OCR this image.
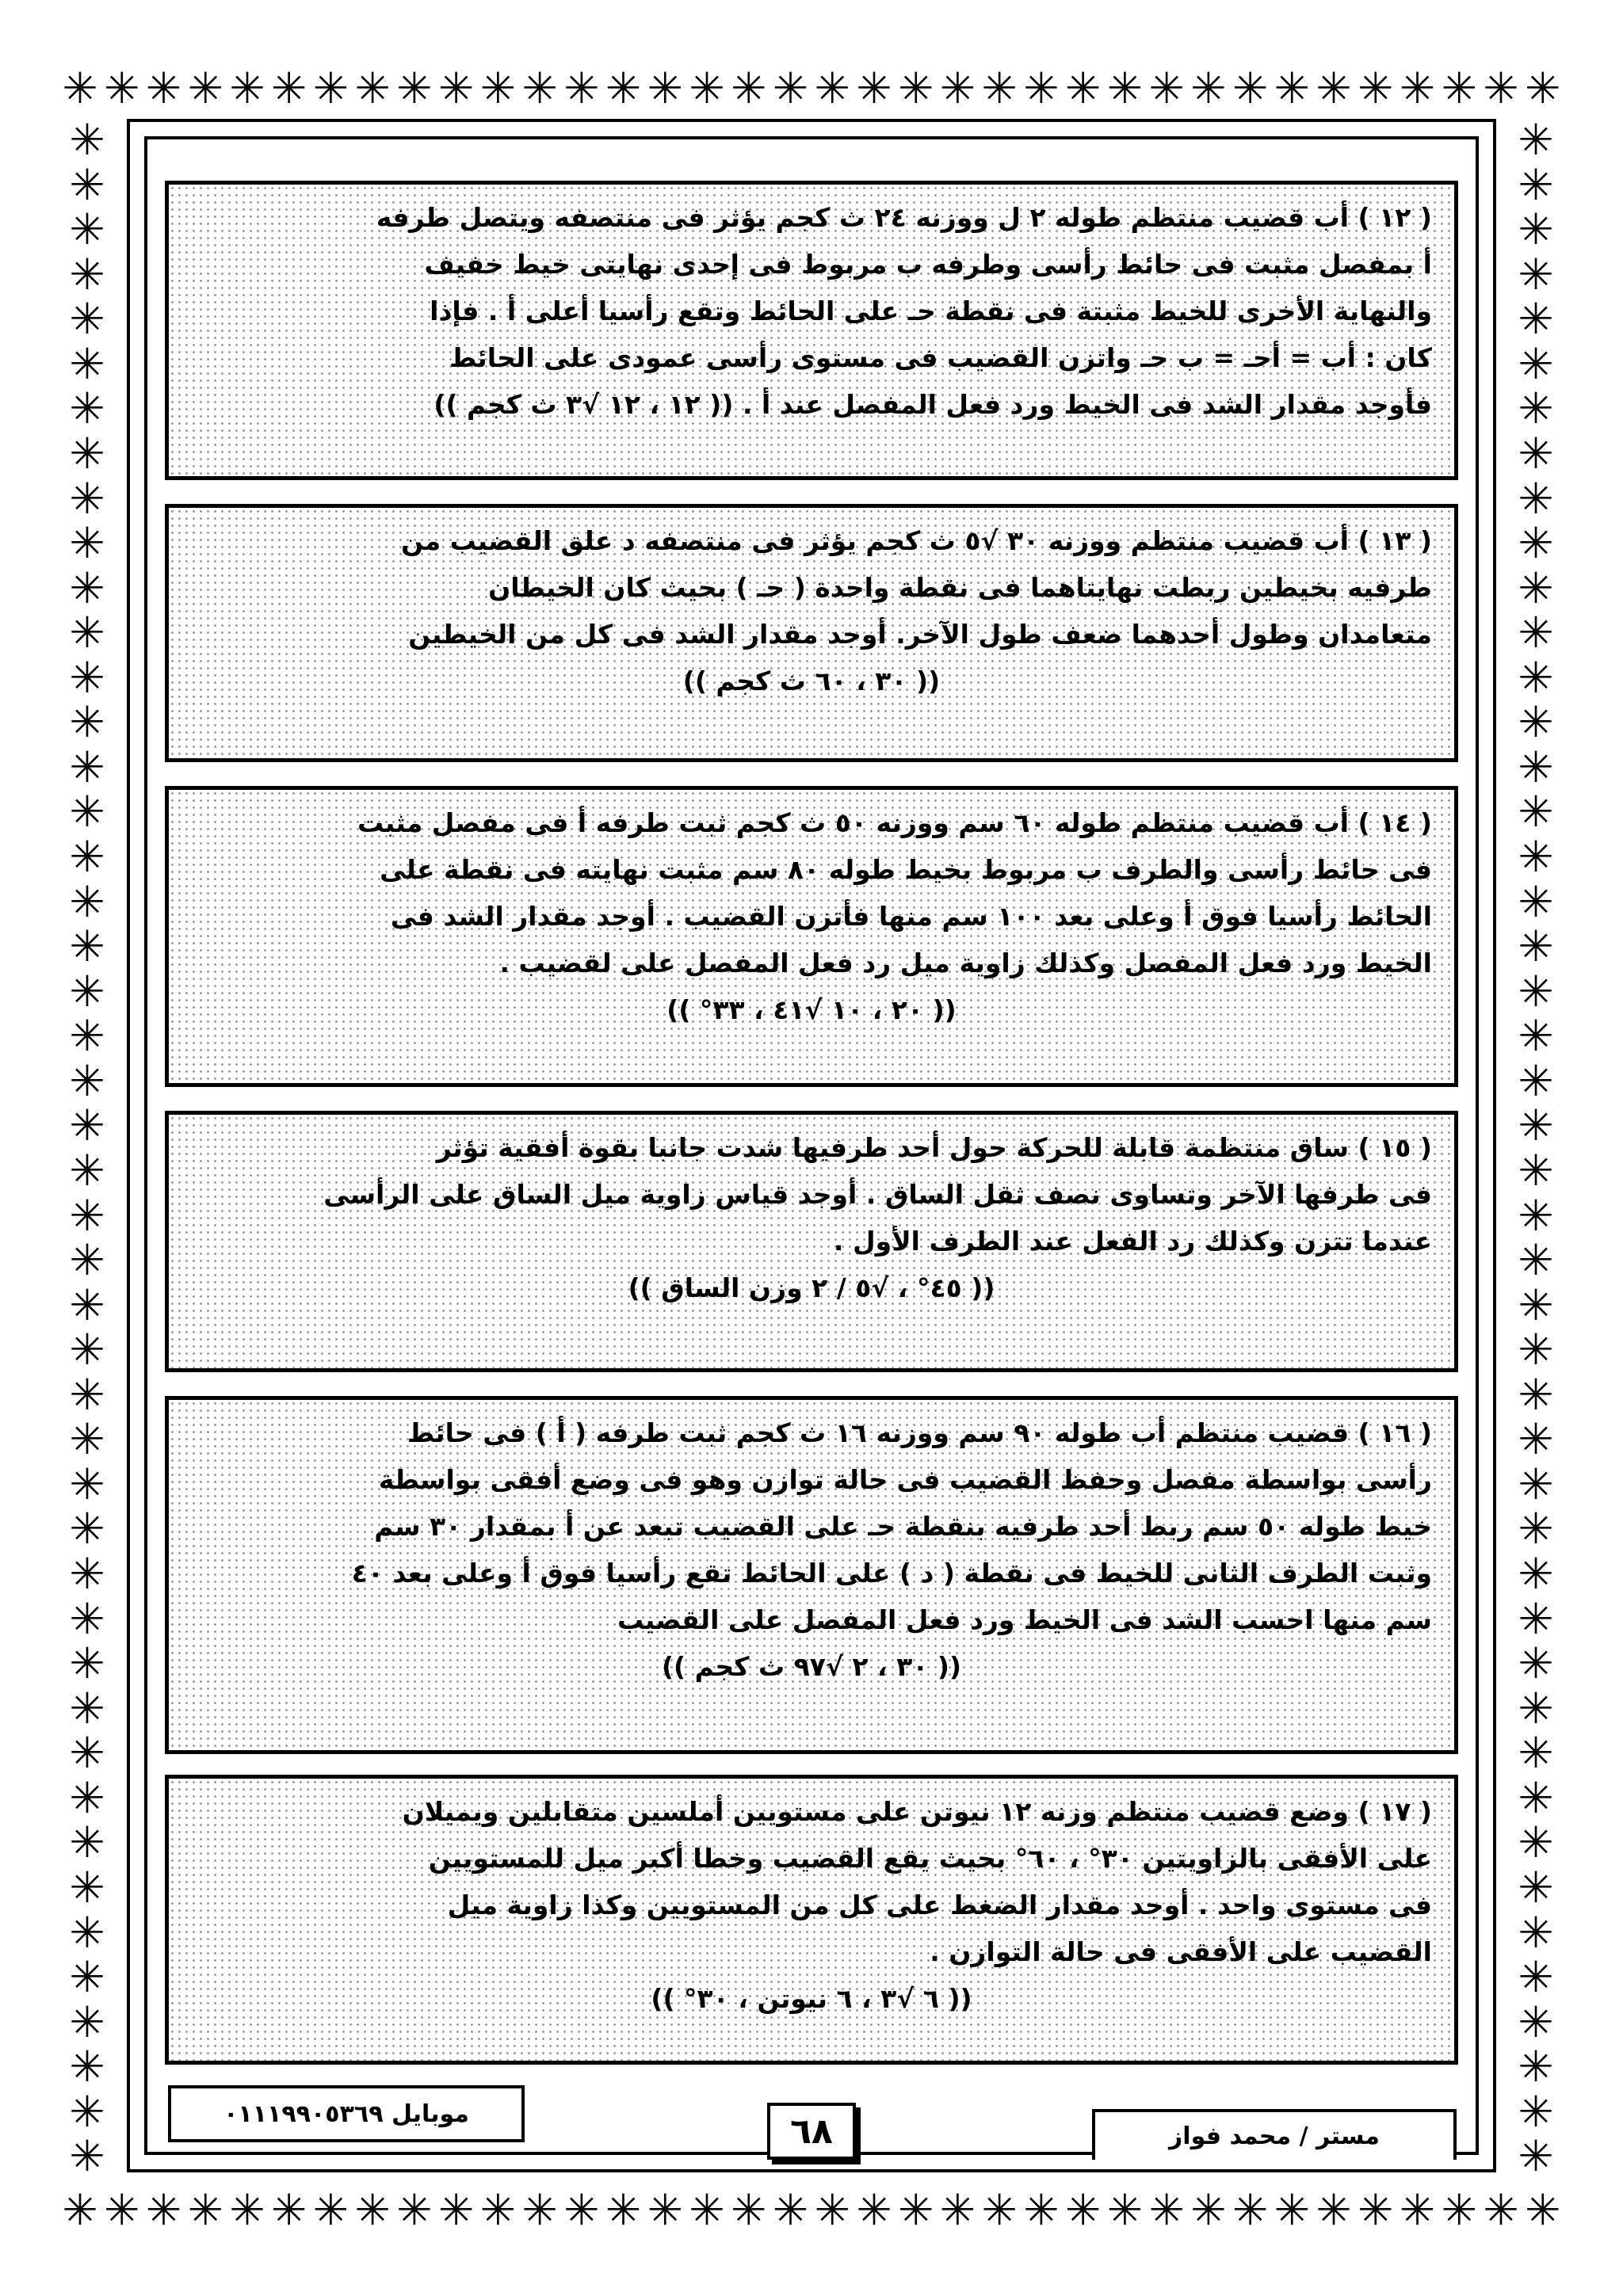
✳ ✳ ✳ ✳ ✳ ✳ ✳ ✳ ✳ ✳ ✳ ✳ ✳ ✳ ✳ ✳ ✳ ✳ ✳ ✳ ✳ ✳ ✳ ✳ ✳ ✳ ✳ ✳ ✳ ✳ ✳ ✳ ✳ ✳ ✳ ✳
✳ ✳ ✳ ✳ ✳ ✳ ✳ ✳ ✳ ✳ ✳ ✳ ✳ ✳ ✳ ✳ ✳ ✳ ✳ ✳ ✳ ✳ ✳ ✳ ✳ ✳ ✳ ✳ ✳ ✳ ✳ ✳ ✳ ✳ ✳ ✳
✳
✳
✳
✳
✳
✳
✳
✳
✳
✳
✳
✳
✳
✳
✳
✳
✳
✳
✳
✳
✳
✳
✳
✳
✳
✳
✳
✳
✳
✳
✳
✳
✳
✳
✳
✳
✳
✳
✳
✳
✳
✳
✳
✳
✳
✳
✳
✳
✳
✳
✳
✳
✳
✳
✳
✳
✳
✳
✳
✳
✳
✳
✳
✳
✳
✳
✳
✳
✳
✳
✳
✳
✳
✳
✳
✳
✳
✳
✳
✳
✳
✳
✳
✳
✳
✳
✳
✳
✳
✳
✳
✳
( ١٢ ) أب قضيب منتظم طوله ٢ ل ووزنه ٢٤ ث كجم يؤثر فى منتصفه ويتصل طرفه
أ بمفصل مثبت فى حائط رأسى وطرفه ب مربوط فى إحدى نهايتى خيط خفيف
والنهاية الأخرى للخيط مثبتة فى نقطة حـ على الحائط وتقع رأسيا أعلى أ . فإذا
كان : أب = أحـ = ب حـ واتزن القضيب فى مستوى رأسى عمودى على الحائط
فأوجد مقدار الشد فى الخيط ورد فعل المفصل عند أ . (( ١٢ ، ١٢ √٣ ث كجم ))
( ١٣ ) أب قضيب منتظم ووزنه ٣٠ √٥ ث كجم يؤثر فى منتصفه د علق القضيب من
طرفيه بخيطين ربطت نهايتاهما فى نقطة واحدة ( حـ ) بحيث كان الخيطان
متعامدان وطول أحدهما ضعف طول الآخر. أوجد مقدار الشد فى كل من الخيطين
(( ٣٠ ، ٦٠ ث كجم ))
( ١٤ ) أب قضيب منتظم طوله ٦٠ سم ووزنه ٥٠ ث كجم ثبت طرفه أ فى مفصل مثبت
فى حائط رأسى والطرف ب مربوط بخيط طوله ٨٠ سم مثبت نهايته فى نقطة على
الحائط رأسيا فوق أ وعلى بعد ١٠٠ سم منها فأتزن القضيب . أوجد مقدار الشد فى
الخيط ورد فعل المفصل وكذلك زاوية ميل رد فعل المفصل على لقضيب .
(( ٢٠ ، ١٠ √٤١ ، ٣٣° ))
( ١٥ ) ساق منتظمة قابلة للحركة حول أحد طرفيها شدت جانبا بقوة أفقية تؤثر
فى طرفها الآخر وتساوى نصف ثقل الساق . أوجد قياس زاوية ميل الساق على الرأسى
عندما تتزن وكذلك رد الفعل عند الطرف الأول .
(( ٤٥° ، √٥ / ٢ وزن الساق ))
( ١٦ ) قضيب منتظم أب طوله ٩٠ سم ووزنه ١٦ ث كجم ثبت طرفه ( أ ) فى حائط
رأسى بواسطة مفصل وحفظ القضيب فى حالة توازن وهو فى وضع أفقى بواسطة
خيط طوله ٥٠ سم ربط أحد طرفيه بنقطة حـ على القضيب تبعد عن أ بمقدار ٣٠ سم
وثبت الطرف الثانى للخيط فى نقطة ( د ) على الحائط تقع رأسيا فوق أ وعلى بعد ٤٠
سم منها احسب الشد فى الخيط ورد فعل المفصل على القضيب
(( ٣٠ ، ٢ √٩٧ ث كجم ))
( ١٧ ) وضع قضيب منتظم وزنه ١٢ نيوتن على مستويين أملسين متقابلين ويميلان
على الأفقى بالزاويتين ٣٠° ، ٦٠° بحيث يقع القضيب وخطا أكبر ميل للمستويين
فى مستوى واحد . أوجد مقدار الضغط على كل من المستويين وكذا زاوية ميل
القضيب على الأفقى فى حالة التوازن .
(( ٦ √٣ ، ٦ نيوتن ، ٣٠° ))
موبايل ٠١١١٩٩٠٥٣٦٩	٦٨	مستر / محمد فواز
